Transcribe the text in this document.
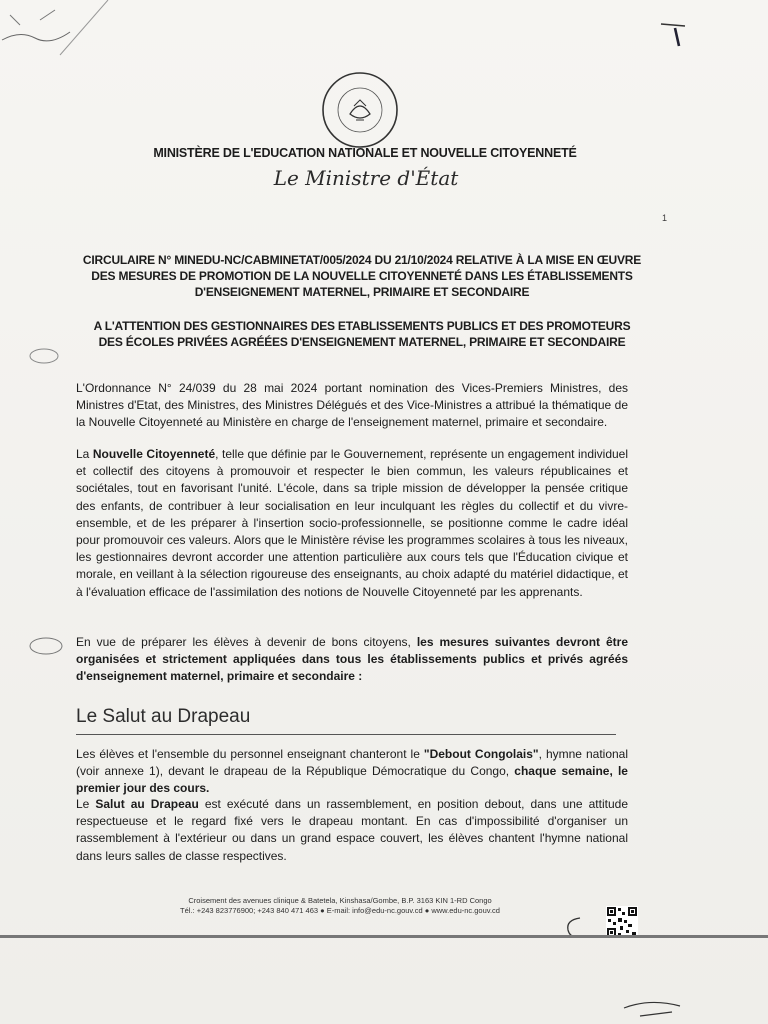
MINISTÈRE DE L'EDUCATION NATIONALE ET NOUVELLE CITOYENNETÉ
Le Ministre d'État
1

CIRCULAIRE N° MINEDU-NC/CABMINETAT/005/2024 DU 21/10/2024 RELATIVE À LA MISE EN ŒUVRE DES MESURES DE PROMOTION DE LA NOUVELLE CITOYENNETÉ DANS LES ÉTABLISSEMENTS D'ENSEIGNEMENT MATERNEL, PRIMAIRE ET SECONDAIRE

A L'ATTENTION DES GESTIONNAIRES DES ETABLISSEMENTS PUBLICS ET DES PROMOTEURS DES ÉCOLES PRIVÉES AGRÉÉES D'ENSEIGNEMENT MATERNEL, PRIMAIRE ET SECONDAIRE

L'Ordonnance N° 24/039 du 28 mai 2024 portant nomination des Vices-Premiers Ministres, des Ministres d'Etat, des Ministres, des Ministres Délégués et des Vice-Ministres a attribué la thématique de la Nouvelle Citoyenneté au Ministère en charge de l'enseignement maternel, primaire et secondaire.

La Nouvelle Citoyenneté, telle que définie par le Gouvernement, représente un engagement individuel et collectif des citoyens à promouvoir et respecter le bien commun, les valeurs républicaines et sociétales, tout en favorisant l'unité. L'école, dans sa triple mission de développer la pensée critique des enfants, de contribuer à leur socialisation en leur inculquant les règles du collectif et du vivre-ensemble, et de les préparer à l'insertion socio-professionnelle, se positionne comme le cadre idéal pour promouvoir ces valeurs. Alors que le Ministère révise les programmes scolaires à tous les niveaux, les gestionnaires devront accorder une attention particulière aux cours tels que l'Éducation civique et morale, en veillant à la sélection rigoureuse des enseignants, au choix adapté du matériel didactique, et à l'évaluation efficace de l'assimilation des notions de Nouvelle Citoyenneté par les apprenants.

En vue de préparer les élèves à devenir de bons citoyens, les mesures suivantes devront être organisées et strictement appliquées dans tous les établissements publics et privés agréés d'enseignement maternel, primaire et secondaire :

Le Salut au Drapeau

Les élèves et l'ensemble du personnel enseignant chanteront le "Debout Congolais", hymne national (voir annexe 1), devant le drapeau de la République Démocratique du Congo, chaque semaine, le premier jour des cours.

Le Salut au Drapeau est exécuté dans un rassemblement, en position debout, dans une attitude respectueuse et le regard fixé vers le drapeau montant. En cas d'impossibilité d'organiser un rassemblement à l'extérieur ou dans un grand espace couvert, les élèves chantent l'hymne national dans leurs salles de classe respectives.

Croisement des avenues clinique & Batetela, Kinshasa/Gombe, B.P. 3163 KIN 1-RD Congo
Tél.: +243 823776900; +243 840 471 463 ● E-mail: info@edu-nc.gouv.cd ● www.edu-nc.gouv.cd
